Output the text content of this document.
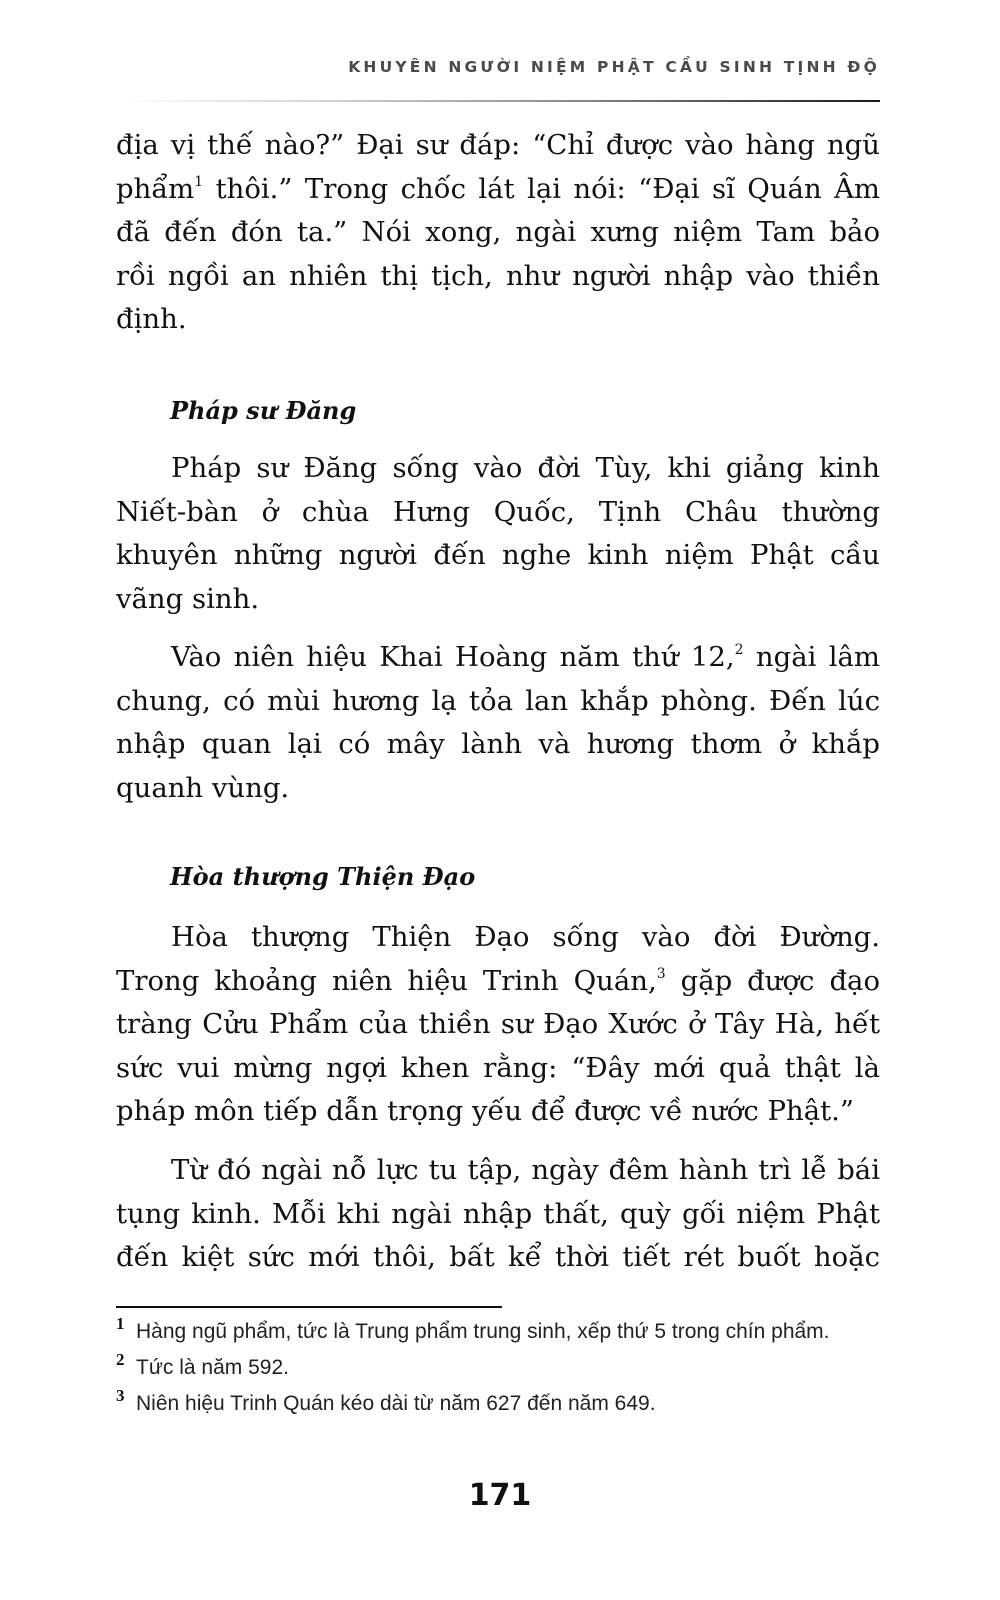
KHUYÊN NGƯỜI NIỆM PHẬT CẦU SINH TỊNH ĐỘ
địa vị thế nào?” Đại sư đáp: “Chỉ được vào hàng ngũ
phẩm$^1$ thôi.” Trong chốc lát lại nói: “Đại sĩ Quán Âm
đã đến đón ta.” Nói xong, ngài xưng niệm Tam bảo
rồi ngồi an nhiên thị tịch, như người nhập vào thiền
định.
Pháp sư Đăng
Pháp sư Đăng sống vào đời Tùy, khi giảng kinh
Niết-bàn ở chùa Hưng Quốc, Tịnh Châu thường
khuyên những người đến nghe kinh niệm Phật cầu
vãng sinh.
Vào niên hiệu Khai Hoàng năm thứ 12,$^2$ ngài lâm
chung, có mùi hương lạ tỏa lan khắp phòng. Đến lúc
nhập quan lại có mây lành và hương thơm ở khắp
quanh vùng.
Hòa thượng Thiện Đạo
Hòa thượng Thiện Đạo sống vào đời Đường.
Trong khoảng niên hiệu Trinh Quán,$^3$ gặp được đạo
tràng Cửu Phẩm của thiền sư Đạo Xước ở Tây Hà, hết
sức vui mừng ngợi khen rằng: “Đây mới quả thật là
pháp môn tiếp dẫn trọng yếu để được về nước Phật.”
Từ đó ngài nỗ lực tu tập, ngày đêm hành trì lễ bái
tụng kinh. Mỗi khi ngài nhập thất, quỳ gối niệm Phật
đến kiệt sức mới thôi, bất kể thời tiết rét buốt hoặc
1 Hàng ngũ phẩm, tức là Trung phẩm trung sinh, xếp thứ 5 trong chín phẩm.
2 Tức là năm 592.
3 Niên hiệu Trinh Quán kéo dài từ năm 627 đến năm 649.
171
